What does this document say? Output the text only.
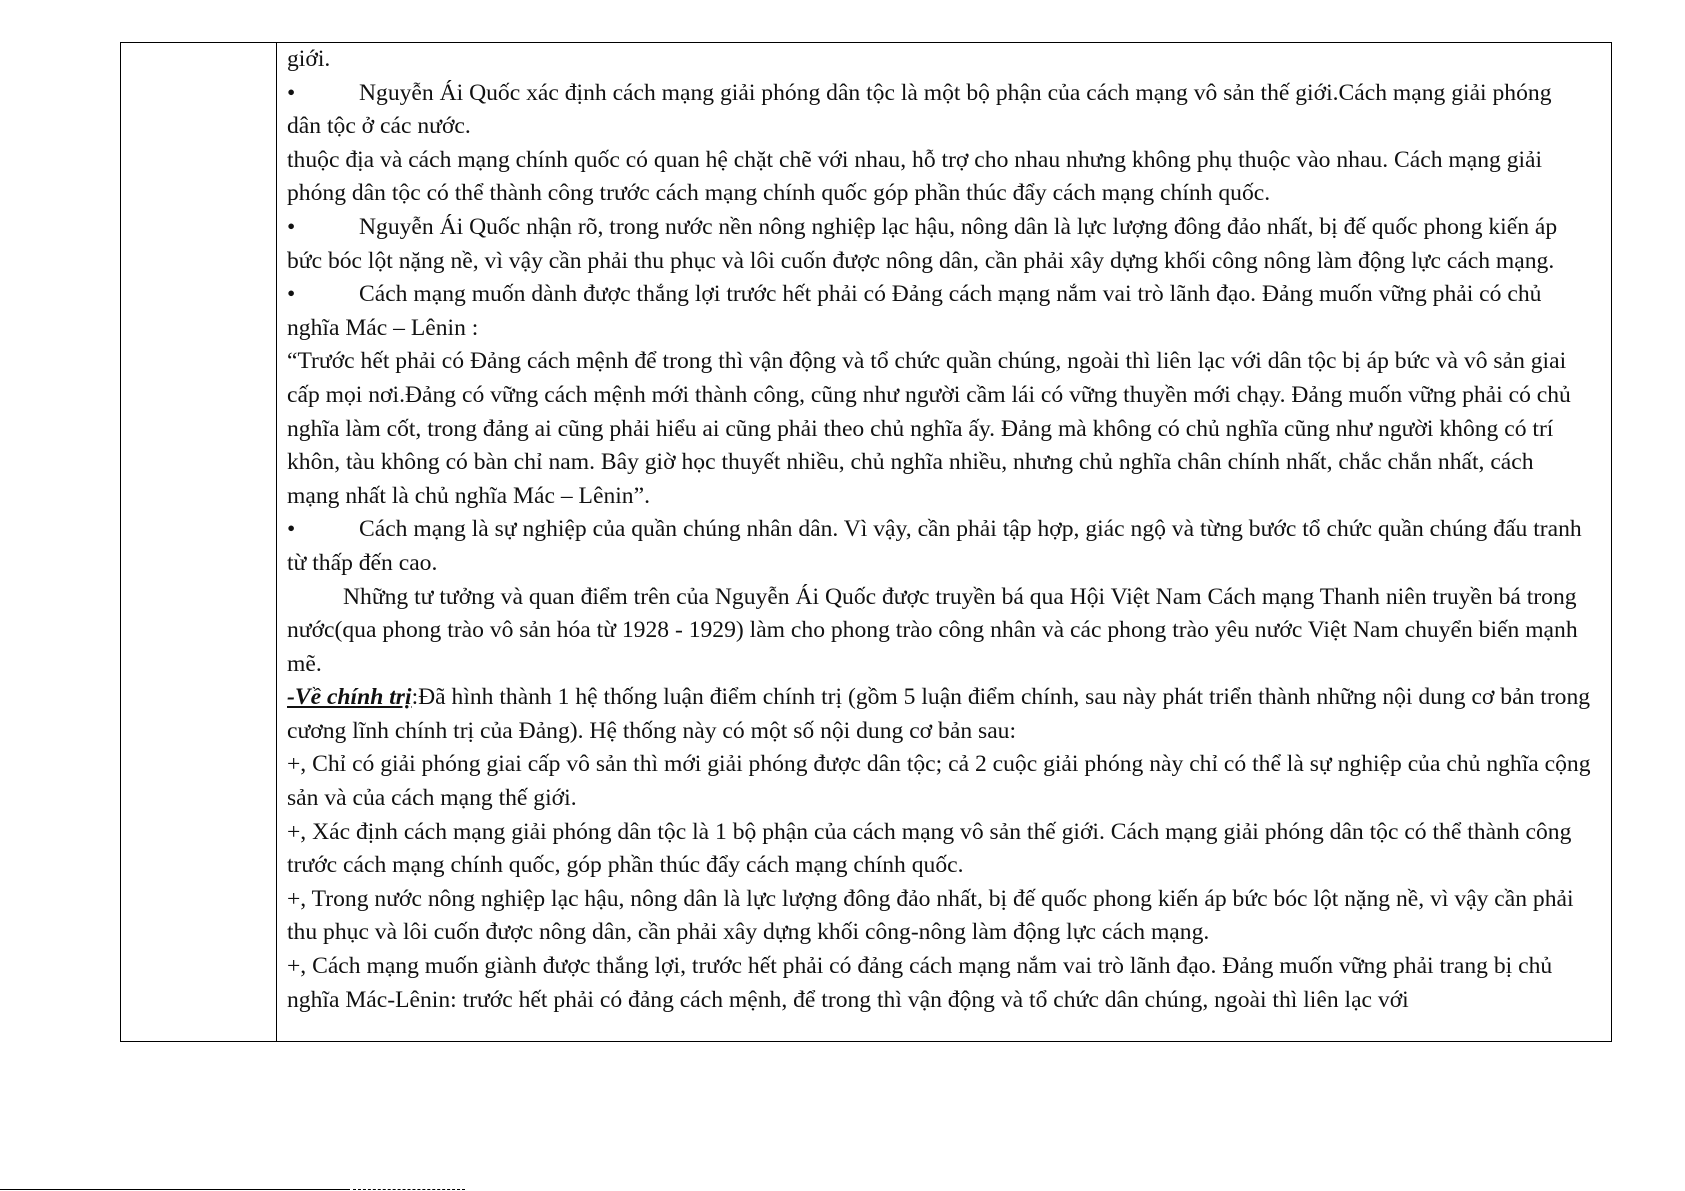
giới.

•	Nguyễn Ái Quốc xác định cách mạng giải phóng dân tộc là một bộ phận của cách mạng vô sản thế giới.Cách mạng giải phóng dân tộc ở các nước.

thuộc địa và cách mạng chính quốc có quan hệ chặt chẽ với nhau, hỗ trợ cho nhau nhưng không phụ thuộc vào nhau. Cách mạng giải phóng dân tộc có thể thành công trước cách mạng chính quốc góp phần thúc đẩy cách mạng chính quốc.

•	Nguyễn Ái Quốc nhận rõ, trong nước nền nông nghiệp lạc hậu, nông dân là lực lượng đông đảo nhất, bị đế quốc phong kiến áp bức bóc lột nặng nề, vì vậy cần phải thu phục và lôi cuốn được nông dân, cần phải xây dựng khối công nông làm động lực cách mạng.

•	Cách mạng muốn dành được thắng lợi trước hết phải có Đảng cách mạng nắm vai trò lãnh đạo. Đảng muốn vững phải có chủ nghĩa Mác – Lênin :

“Trước hết phải có Đảng cách mệnh để trong thì vận động và tổ chức quần chúng, ngoài thì liên lạc với dân tộc bị áp bức và vô sản giai cấp mọi nơi.Đảng có vững cách mệnh mới thành công, cũng như người cầm lái có vững thuyền mới chạy. Đảng muốn vững phải có chủ nghĩa làm cốt, trong đảng ai cũng phải hiểu ai cũng phải theo chủ nghĩa ấy. Đảng mà không có chủ nghĩa cũng như người không có trí khôn, tàu không có bàn chỉ nam. Bây giờ học thuyết nhiều, chủ nghĩa nhiều, nhưng chủ nghĩa chân chính nhất, chắc chắn nhất, cách mạng nhất là chủ nghĩa Mác – Lênin”.

•	Cách mạng là sự nghiệp của quần chúng nhân dân. Vì vậy, cần phải tập hợp, giác ngộ và từng bước tổ chức quần chúng đấu tranh từ thấp đến cao.

Những tư tưởng và quan điểm trên của Nguyễn Ái Quốc được truyền bá qua Hội Việt Nam Cách mạng Thanh niên truyền bá trong nước(qua phong trào vô sản hóa từ 1928 - 1929) làm cho phong trào công nhân và các phong trào yêu nước Việt Nam chuyển biến mạnh mẽ.

-Về chính trị:Đã hình thành 1 hệ thống luận điểm chính trị (gồm 5 luận điểm chính, sau này phát triển thành những nội dung cơ bản trong cương lĩnh chính trị của Đảng). Hệ thống này có một số nội dung cơ bản sau:

+, Chỉ có giải phóng giai cấp vô sản thì mới giải phóng được dân tộc; cả 2 cuộc giải phóng này chỉ có thể là sự nghiệp của chủ nghĩa cộng sản và của cách mạng thế giới.

+, Xác định cách mạng giải phóng dân tộc là 1 bộ phận của cách mạng vô sản thế giới. Cách mạng giải phóng dân tộc có thể thành công trước cách mạng chính quốc, góp phần thúc đẩy cách mạng chính quốc.

+, Trong nước nông nghiệp lạc hậu, nông dân là lực lượng đông đảo nhất, bị đế quốc phong kiến áp bức bóc lột nặng nề, vì vậy cần phải thu phục và lôi cuốn được nông dân, cần phải xây dựng khối công-nông làm động lực cách mạng.

+, Cách mạng muốn giành được thắng lợi, trước hết phải có đảng cách mạng nắm vai trò lãnh đạo. Đảng muốn vững phải trang bị chủ nghĩa Mác-Lênin: trước hết phải có đảng cách mệnh, để trong thì vận động và tổ chức dân chúng, ngoài thì liên lạc với
